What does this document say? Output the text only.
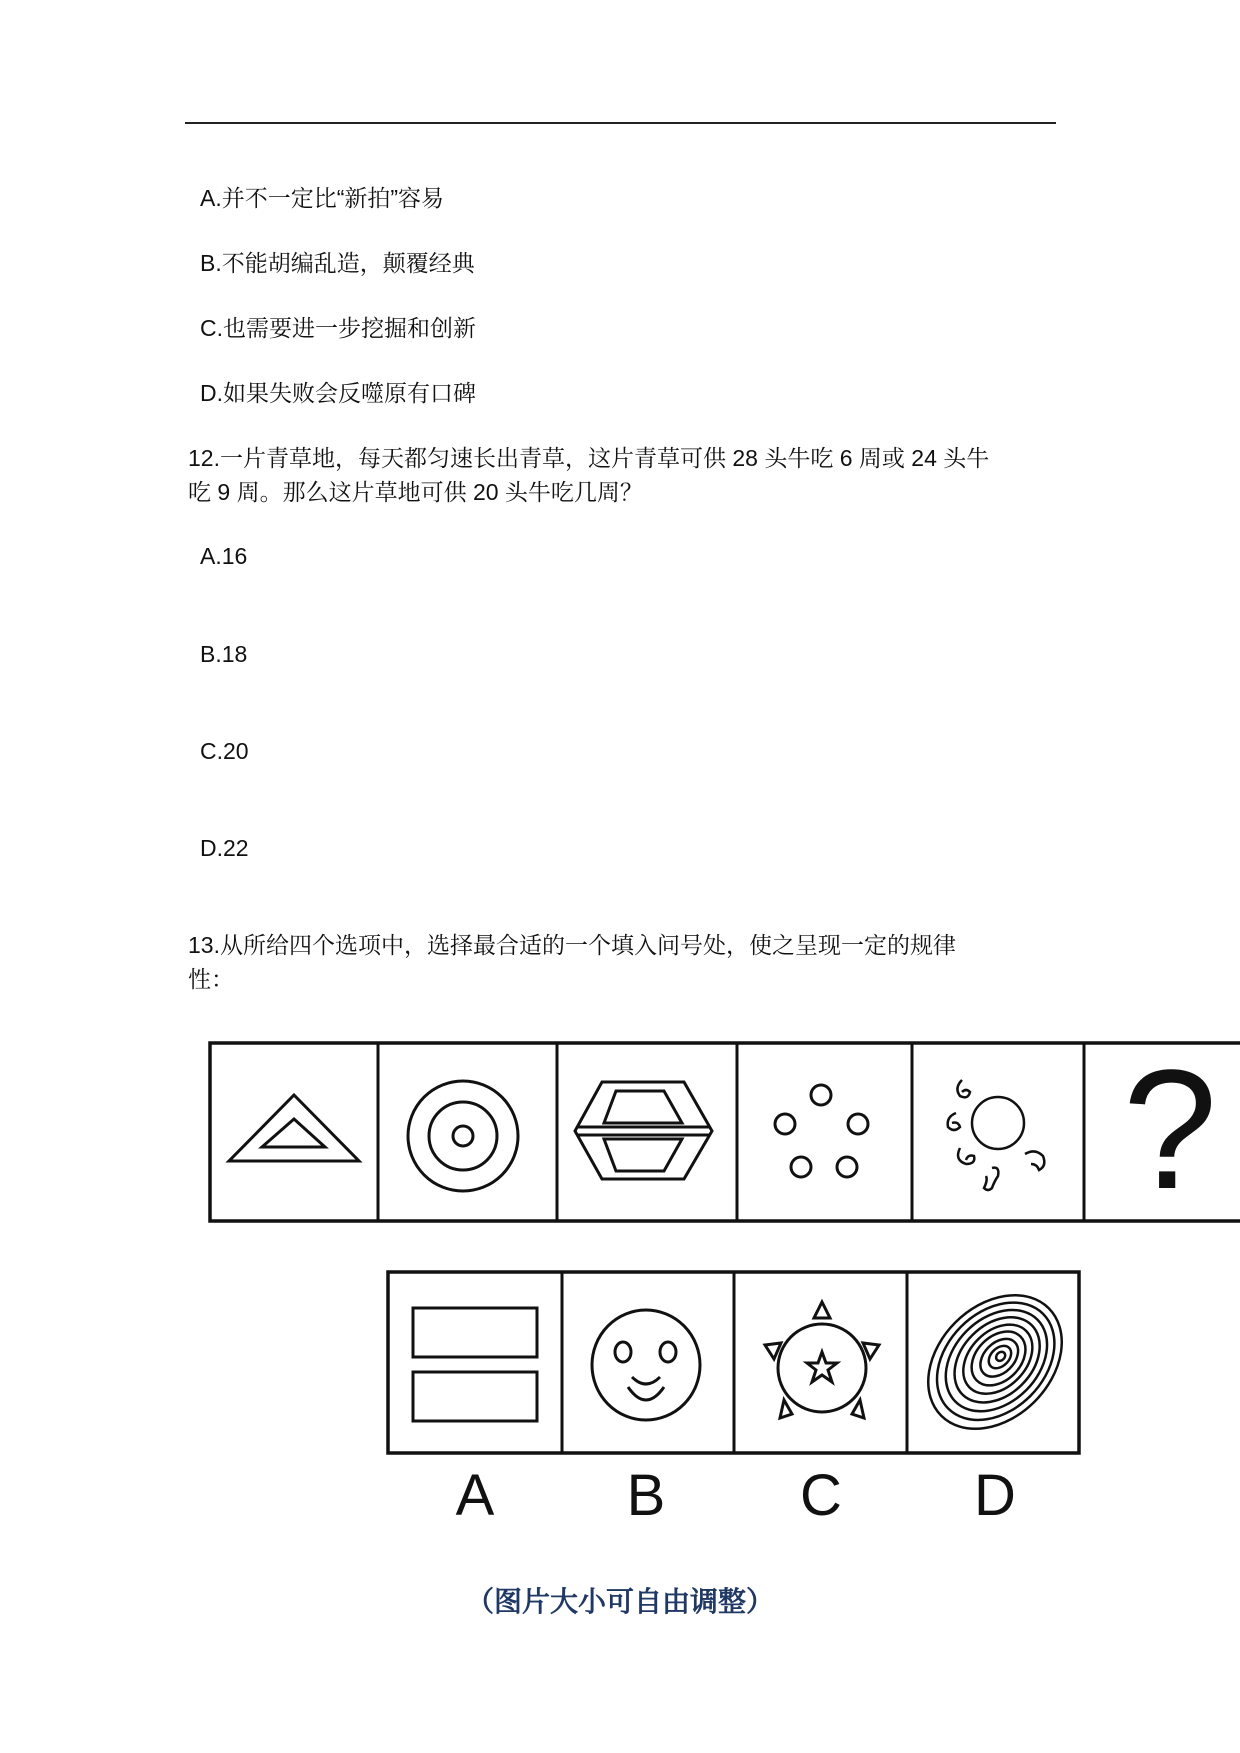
A.并不一定比“新拍”容易
B.不能胡编乱造，颠覆经典
C.也需要进一步挖掘和创新
D.如果失败会反噬原有口碑
12.一片青草地，每天都匀速长出青草，这片青草可供 28 头牛吃 6 周或 24 头牛
吃 9 周。那么这片草地可供 20 头牛吃几周？
A.16
B.18
C.20
D.22
13.从所给四个选项中，选择最合适的一个填入问号处，使之呈现一定的规律
性：
?
A B C D
（图片大小可自由调整）
